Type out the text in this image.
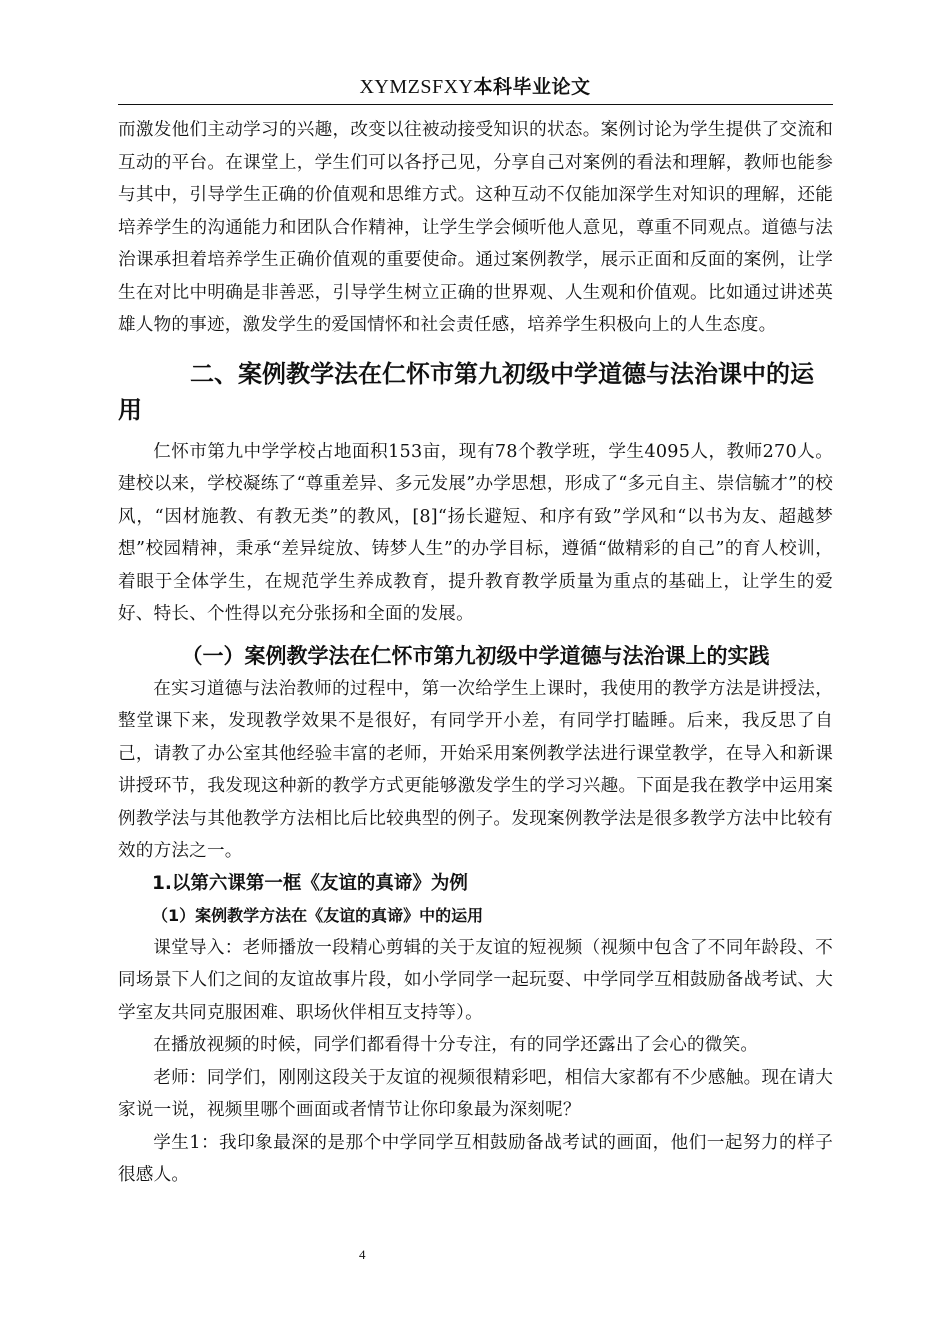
XYMZSFXY本科毕业论文

而激发他们主动学习的兴趣，改变以往被动接受知识的状态。案例讨论为学生提供了交流和互动的平台。在课堂上，学生们可以各抒己见，分享自己对案例的看法和理解，教师也能参与其中，引导学生正确的价值观和思维方式。这种互动不仅能加深学生对知识的理解，还能培养学生的沟通能力和团队合作精神，让学生学会倾听他人意见，尊重不同观点。道德与法治课承担着培养学生正确价值观的重要使命。通过案例教学，展示正面和反面的案例，让学生在对比中明确是非善恶，引导学生树立正确的世界观、人生观和价值观。比如通过讲述英雄人物的事迹，激发学生的爱国情怀和社会责任感，培养学生积极向上的人生态度。

二、案例教学法在仁怀市第九初级中学道德与法治课中的运用

仁怀市第九中学学校占地面积153亩，现有78个教学班，学生4095人，教师270人。建校以来，学校凝练了“尊重差异、多元发展”办学思想，形成了“多元自主、崇信毓才”的校风，“因材施教、有教无类”的教风，[8]“扬长避短、和序有致”学风和“以书为友、超越梦想”校园精神，秉承“差异绽放、铸梦人生”的办学目标，遵循“做精彩的自己”的育人校训，着眼于全体学生，在规范学生养成教育，提升教育教学质量为重点的基础上，让学生的爱好、特长、个性得以充分张扬和全面的发展。

（一）案例教学法在仁怀市第九初级中学道德与法治课上的实践

在实习道德与法治教师的过程中，第一次给学生上课时，我使用的教学方法是讲授法，整堂课下来，发现教学效果不是很好，有同学开小差，有同学打瞌睡。后来，我反思了自己，请教了办公室其他经验丰富的老师，开始采用案例教学法进行课堂教学，在导入和新课讲授环节，我发现这种新的教学方式更能够激发学生的学习兴趣。下面是我在教学中运用案例教学法与其他教学方法相比后比较典型的例子。发现案例教学法是很多教学方法中比较有效的方法之一。

1.以第六课第一框《友谊的真谛》为例
（1）案例教学方法在《友谊的真谛》中的运用

课堂导入：老师播放一段精心剪辑的关于友谊的短视频（视频中包含了不同年龄段、不同场景下人们之间的友谊故事片段，如小学同学一起玩耍、中学同学互相鼓励备战考试、大学室友共同克服困难、职场伙伴相互支持等）。

在播放视频的时候，同学们都看得十分专注，有的同学还露出了会心的微笑。

老师：同学们，刚刚这段关于友谊的视频很精彩吧，相信大家都有不少感触。现在请大家说一说，视频里哪个画面或者情节让你印象最为深刻呢？

学生1：我印象最深的是那个中学同学互相鼓励备战考试的画面，他们一起努力的样子很感人。

4
